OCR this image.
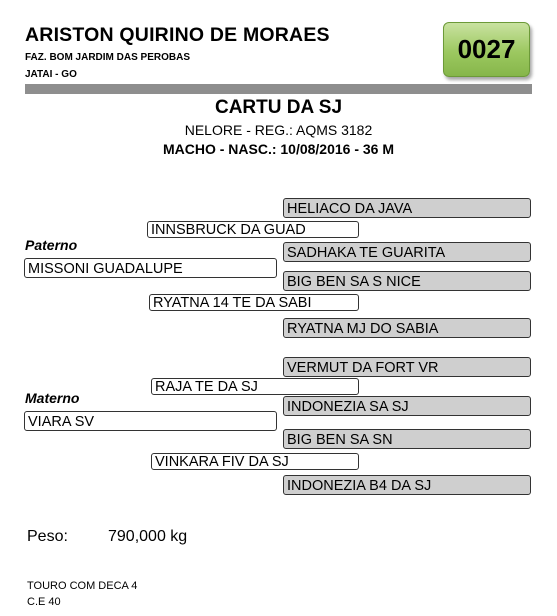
ARISTON QUIRINO DE MORAES
FAZ. BOM JARDIM DAS PEROBAS
JATAI - GO
0027
CARTU DA SJ
NELORE - REG.: AQMS 3182
MACHO - NASC.: 10/08/2016 - 36 M
HELIACO DA JAVA
INNSBRUCK DA GUAD
Paterno	SADHAKA TE GUARITA
MISSONI GUADALUPE
BIG BEN SA S NICE
RYATNA 14 TE DA SABI
RYATNA MJ DO SABIA
VERMUT DA FORT VR
RAJA TE DA SJ
Materno
INDONEZIA SA SJ
VIARA SV
BIG BEN SA SN
VINKARA FIV DA SJ
INDONEZIA B4 DA SJ
Peso:	790,000 kg
TOURO COM DECA 4
C.E 40
